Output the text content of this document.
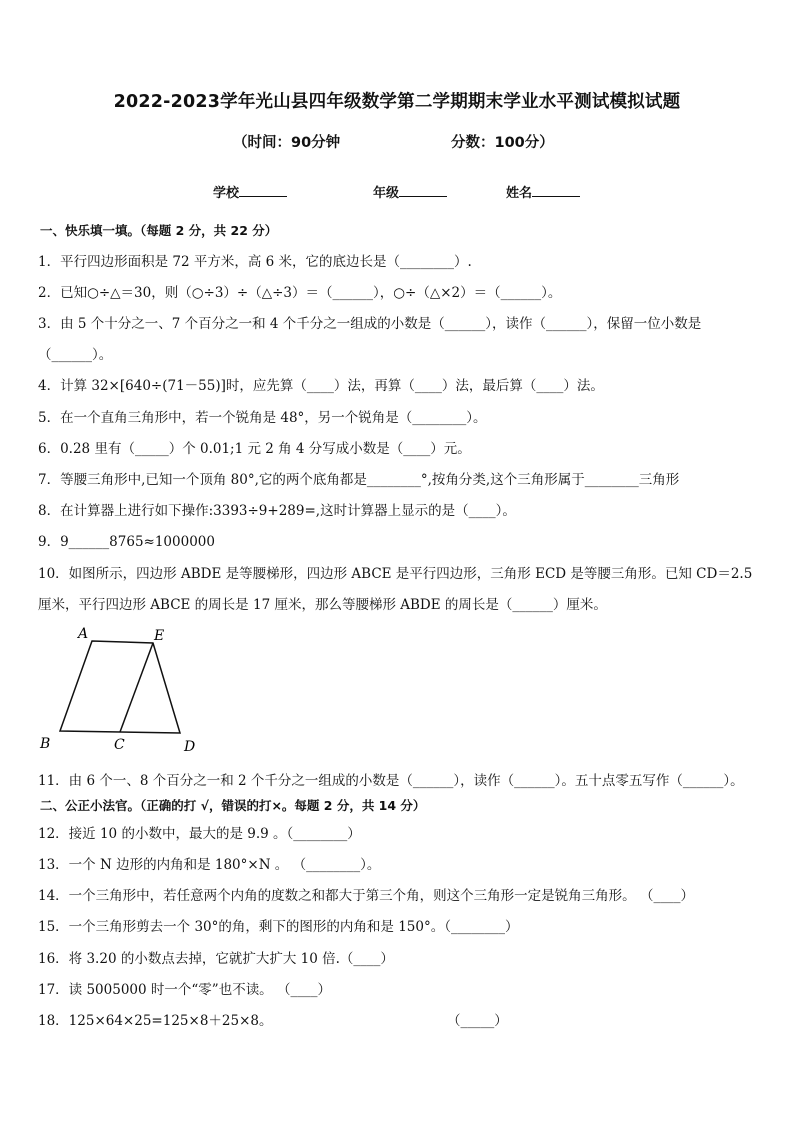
2022-2023学年光山县四年级数学第二学期期末学业水平测试模拟试题
（时间：90分钟	分数：100分）
学校	年级	姓名
一、快乐填一填。（每题 2 分，共 22 分）
1．平行四边形面积是 72 平方米，高 6 米，它的底边长是（________）.
2．已知○÷△＝30，则（○÷3）÷（△÷3）＝（______），○÷（△×2）＝（______）。
3．由 5 个十分之一、7 个百分之一和 4 个千分之一组成的小数是（______），读作（______），保留一位小数是
（______）。
4．计算 32×[640÷(71－55)]时，应先算（____）法，再算（____）法，最后算（____）法。
5．在一个直角三角形中，若一个锐角是 48°，另一个锐角是（________）。
6．0.28 里有（_____）个 0.01;1 元 2 角 4 分写成小数是（____）元。
7．等腰三角形中,已知一个顶角 80°,它的两个底角都是________°,按角分类,这个三角形属于________三角形
8．在计算器上进行如下操作:3393÷9+289=,这时计算器上显示的是（____）。
9．9______8765≈1000000
10．如图所示，四边形 ABDE 是等腰梯形，四边形 ABCE 是平行四边形，三角形 ECD 是等腰三角形。已知 CD＝2.5
厘米，平行四边形 ABCE 的周长是 17 厘米，那么等腰梯形 ABDE 的周长是（______）厘米。
A	E
B	C	D
11．由 6 个一、8 个百分之一和 2 个千分之一组成的小数是（______），读作（______）。五十点零五写作（______）。
二、公正小法官。（正确的打 √，错误的打×。每题 2 分，共 14 分）
12．接近 10 的小数中，最大的是 9.9 。（________）
13．一个 N 边形的内角和是 180°×N 。 （________）。
14．一个三角形中，若任意两个内角的度数之和都大于第三个角，则这个三角形一定是锐角三角形。 （____）
15．一个三角形剪去一个 30°的角，剩下的图形的内角和是 150°。（________）
16．将 3.20 的小数点去掉，它就扩大扩大 10 倍.（____）
17．读 5005000 时一个“零”也不读。 （____）
18．125×64×25=125×8＋25×8。	（_____）
